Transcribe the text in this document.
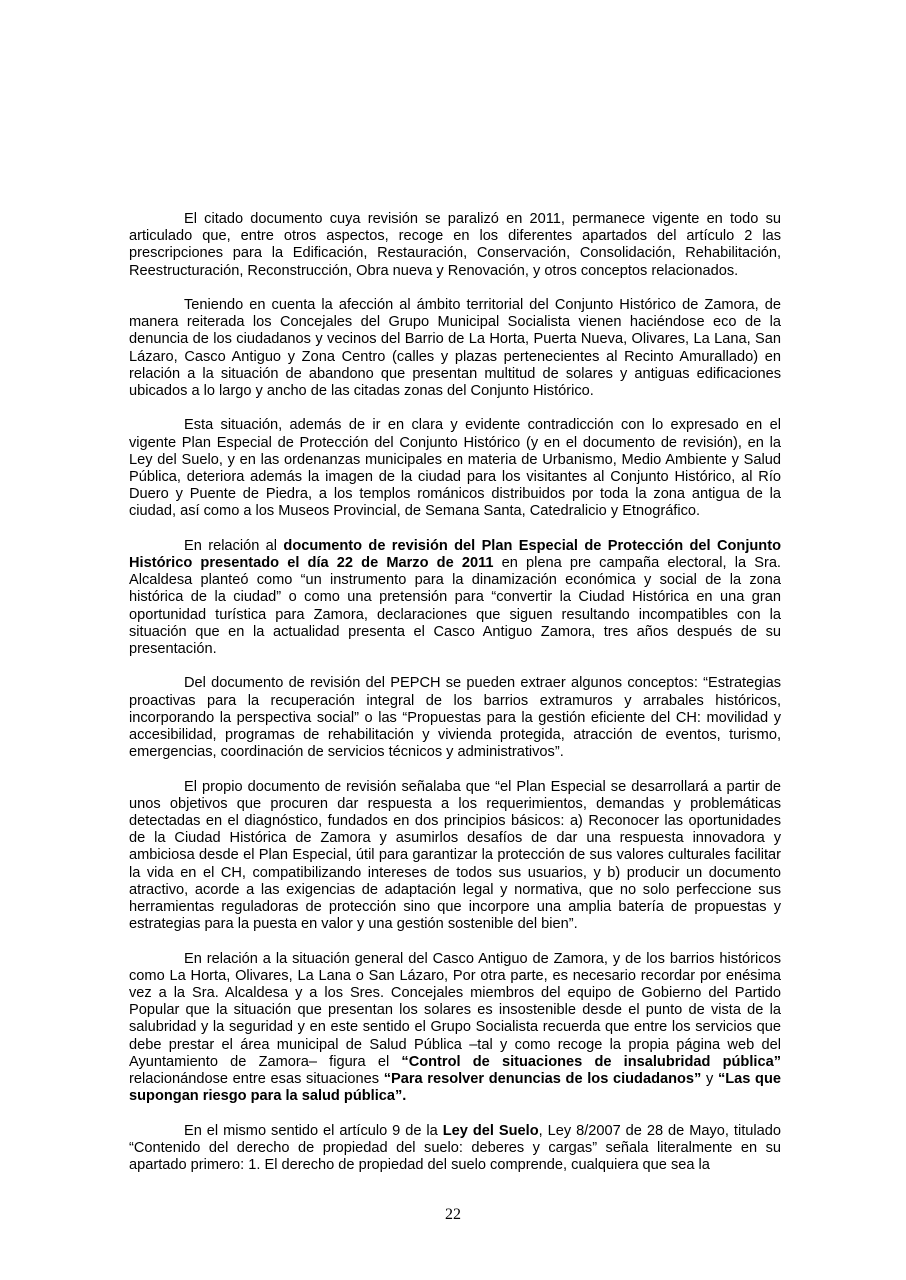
El citado documento cuya revisión se paralizó en 2011, permanece vigente en todo su articulado que, entre otros aspectos, recoge en los diferentes apartados del artículo 2 las prescripciones para la Edificación, Restauración, Conservación, Consolidación, Rehabilitación, Reestructuración, Reconstrucción, Obra nueva y Renovación, y otros conceptos relacionados.

Teniendo en cuenta la afección al ámbito territorial del Conjunto Histórico de Zamora, de manera reiterada los Concejales del Grupo Municipal Socialista vienen haciéndose eco de la denuncia de los ciudadanos y vecinos del Barrio de La Horta, Puerta Nueva, Olivares, La Lana, San Lázaro, Casco Antiguo y Zona Centro (calles y plazas pertenecientes al Recinto Amurallado) en relación a la situación de abandono que presentan multitud de solares y antiguas edificaciones ubicados a lo largo y ancho de las citadas zonas del Conjunto Histórico.

Esta situación, además de ir en clara y evidente contradicción con lo expresado en el vigente Plan Especial de Protección del Conjunto Histórico (y en el documento de revisión), en la Ley del Suelo, y en las ordenanzas municipales en materia de Urbanismo, Medio Ambiente y Salud Pública, deteriora además la imagen de la ciudad para los visitantes al Conjunto Histórico, al Río Duero y Puente de Piedra, a los templos románicos distribuidos por toda la zona antigua de la ciudad, así como a los Museos Provincial, de Semana Santa, Catedralicio y Etnográfico.

En relación al documento de revisión del Plan Especial de Protección del Conjunto Histórico presentado el día 22 de Marzo de 2011 en plena pre campaña electoral, la Sra. Alcaldesa planteó como “un instrumento para la dinamización económica y social de la zona histórica de la ciudad” o como una pretensión para “convertir la Ciudad Histórica en una gran oportunidad turística para Zamora, declaraciones que siguen resultando incompatibles con la situación que en la actualidad presenta el Casco Antiguo Zamora, tres años después de su presentación.

Del documento de revisión del PEPCH se pueden extraer algunos conceptos: “Estrategias proactivas para la recuperación integral de los barrios extramuros y arrabales históricos, incorporando la perspectiva social” o las “Propuestas para la gestión eficiente del CH: movilidad y accesibilidad, programas de rehabilitación y vivienda protegida, atracción de eventos, turismo, emergencias, coordinación de servicios técnicos y administrativos”.

El propio documento de revisión señalaba que “el Plan Especial se desarrollará a partir de unos objetivos que procuren dar respuesta a los requerimientos, demandas y problemáticas detectadas en el diagnóstico, fundados en dos principios básicos: a) Reconocer las oportunidades de la Ciudad Histórica de Zamora y asumirlos desafíos de dar una respuesta innovadora y ambiciosa desde el Plan Especial, útil para garantizar la protección de sus valores culturales facilitar la vida en el CH, compatibilizando intereses de todos sus usuarios, y b) producir un documento atractivo, acorde a las exigencias de adaptación legal y normativa, que no solo perfeccione sus herramientas reguladoras de protección sino que incorpore una amplia batería de propuestas y estrategias para la puesta en valor y una gestión sostenible del bien”.

En relación a la situación general del Casco Antiguo de Zamora, y de los barrios históricos como La Horta, Olivares, La Lana o San Lázaro, Por otra parte, es necesario recordar por enésima vez a la Sra. Alcaldesa y a los Sres. Concejales miembros del equipo de Gobierno del Partido Popular que la situación que presentan los solares es insostenible desde el punto de vista de la salubridad y la seguridad y en este sentido el Grupo Socialista recuerda que entre los servicios que debe prestar el área municipal de Salud Pública –tal y como recoge la propia página web del Ayuntamiento de Zamora– figura el “Control de situaciones de insalubridad pública” relacionándose entre esas situaciones “Para resolver denuncias de los ciudadanos” y “Las que supongan riesgo para la salud pública”.

En el mismo sentido el artículo 9 de la Ley del Suelo, Ley 8/2007 de 28 de Mayo, titulado “Contenido del derecho de propiedad del suelo: deberes y cargas” señala literalmente en su apartado primero: 1. El derecho de propiedad del suelo comprende, cualquiera que sea la

22
